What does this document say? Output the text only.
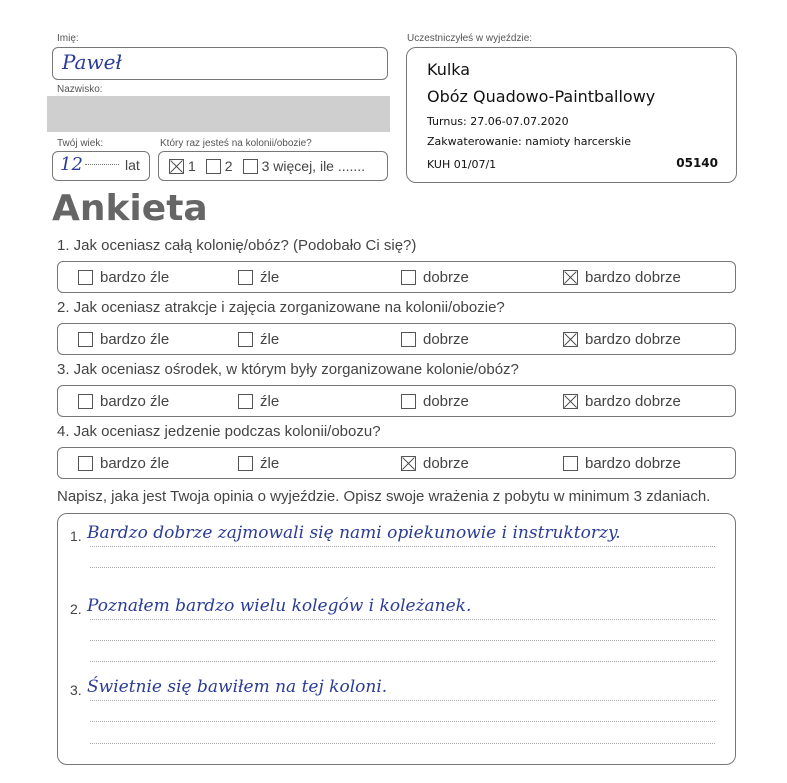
Imię:
Paweł
Nazwisko:
Twój wiek:
12	lat
Który raz jesteś na kolonii/obozie?
1 2 3 więcej, ile .......
Uczestniczyłeś w wyjeździe:
Kulka
Obóz Quadowo-Paintballowy
Turnus: 27.06-07.07.2020
Zakwaterowanie: namioty harcerskie
KUH 01/07/1	05140
Ankieta
1. Jak oceniasz całą kolonię/obóz? (Podobało Ci się?)
bardzo źle	źle	dobrze	bardzo dobrze
2. Jak oceniasz atrakcje i zajęcia zorganizowane na kolonii/obozie?
bardzo źle	źle	dobrze	bardzo dobrze
3. Jak oceniasz ośrodek, w którym były zorganizowane kolonie/obóz?
bardzo źle	źle	dobrze	bardzo dobrze
4. Jak oceniasz jedzenie podczas kolonii/obozu?
bardzo źle	źle	dobrze	bardzo dobrze
Napisz, jaka jest Twoja opinia o wyjeździe. Opisz swoje wrażenia z pobytu w minimum 3 zdaniach.
1. Bardzo dobrze zajmowali się nami opiekunowie i instruktorzy.
2. Poznałem bardzo wielu kolegów i koleżanek.
3. Świetnie się bawiłem na tej koloni.
